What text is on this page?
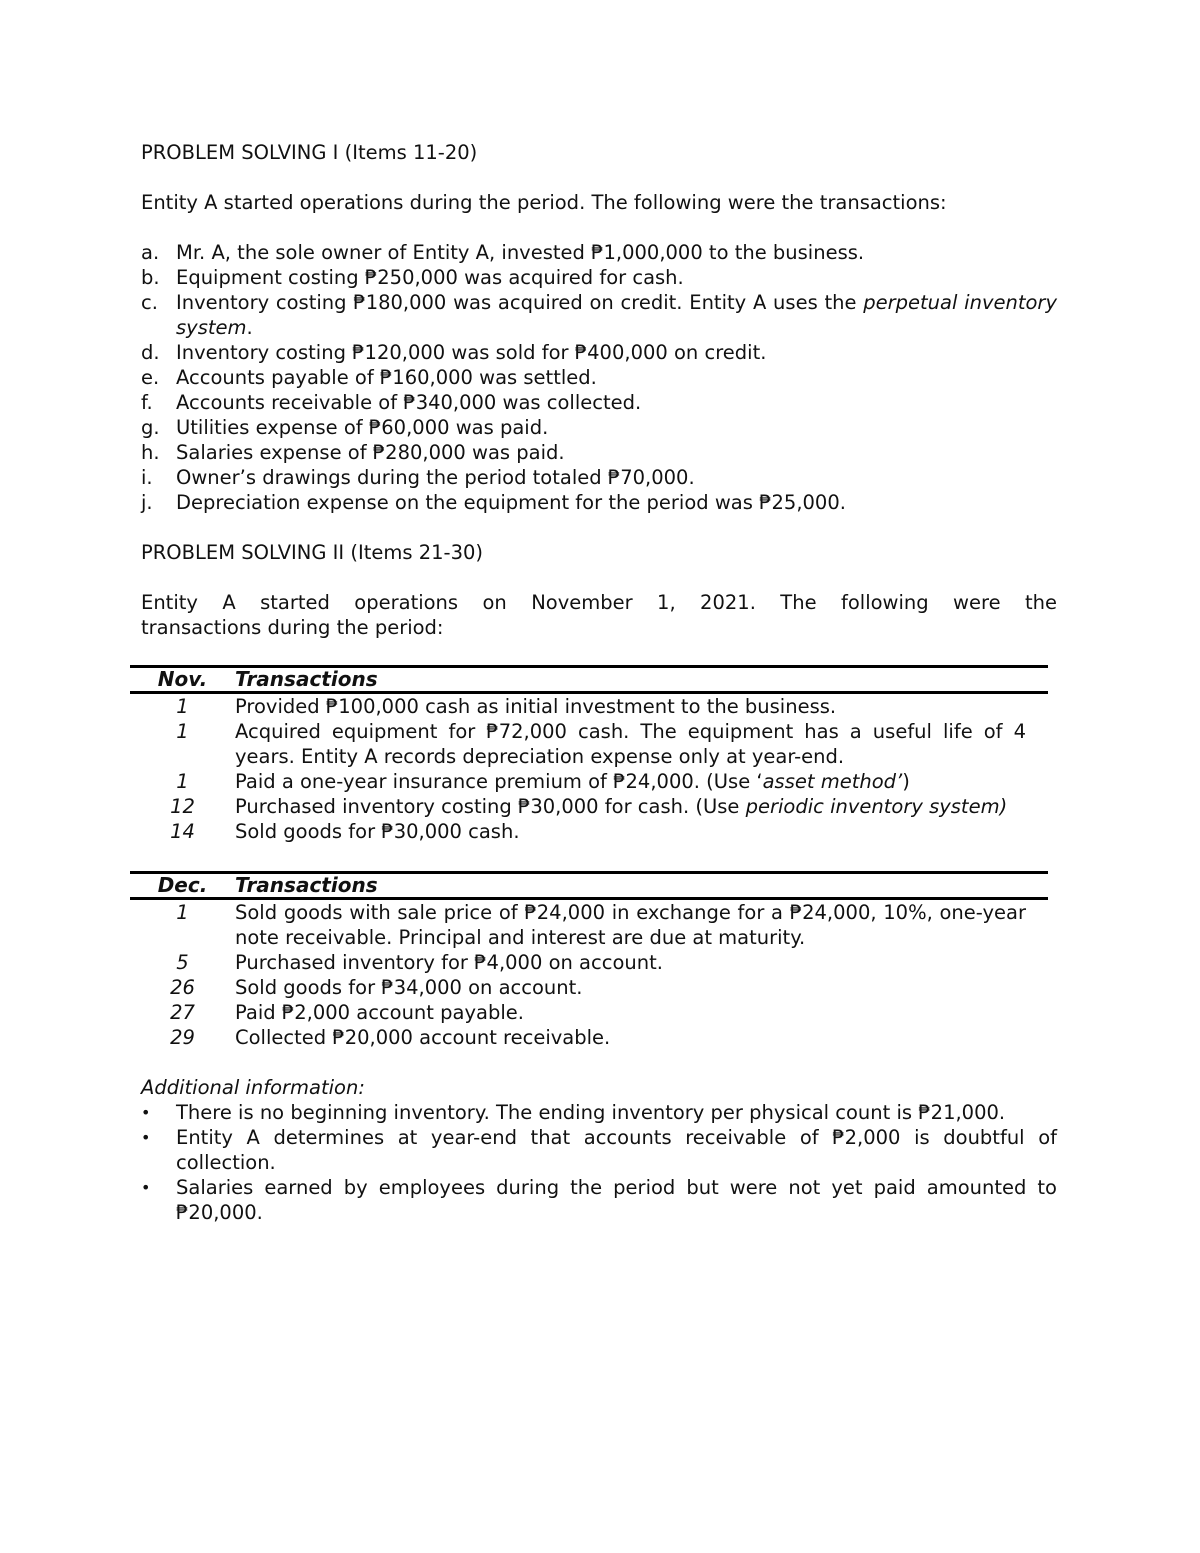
PROBLEM SOLVING I (Items 11-20)

Entity A started operations during the period. The following were the transactions:

a. Mr. A, the sole owner of Entity A, invested ₱1,000,000 to the business.
b. Equipment costing ₱250,000 was acquired for cash.
c. Inventory costing ₱180,000 was acquired on credit. Entity A uses the perpetual inventory system.
d. Inventory costing ₱120,000 was sold for ₱400,000 on credit.
e. Accounts payable of ₱160,000 was settled.
f.	Accounts receivable of ₱340,000 was collected.
g. Utilities expense of ₱60,000 was paid.
h. Salaries expense of ₱280,000 was paid.
i.	Owner’s drawings during the period totaled ₱70,000.
j.	Depreciation expense on the equipment for the period was ₱25,000.

PROBLEM SOLVING II (Items 21-30)

Entity A started operations on November 1, 2021. The following were the
transactions during the period:

Nov.	Transactions
1	Provided ₱100,000 cash as initial investment to the business.
1	Acquired equipment for ₱72,000 cash. The equipment has a useful life of 4 years. Entity A records depreciation expense only at year-end.
1	Paid a one-year insurance premium of ₱24,000. (Use ‘asset method’)
12	Purchased inventory costing ₱30,000 for cash. (Use periodic inventory system)
14	Sold goods for ₱30,000 cash.
Dec.	Transactions
1	Sold goods with sale price of ₱24,000 in exchange for a ₱24,000, 10%, one-year note receivable. Principal and interest are due at maturity.
5	Purchased inventory for ₱4,000 on account.
26	Sold goods for ₱34,000 on account.
27	Paid ₱2,000 account payable.
29	Collected ₱20,000 account receivable.

Additional information:

•	There is no beginning inventory. The ending inventory per physical count is ₱21,000.
•	Entity A determines at year-end that accounts receivable of ₱2,000 is doubtful of collection.
•	Salaries earned by employees during the period but were not yet paid amounted to ₱20,000.
